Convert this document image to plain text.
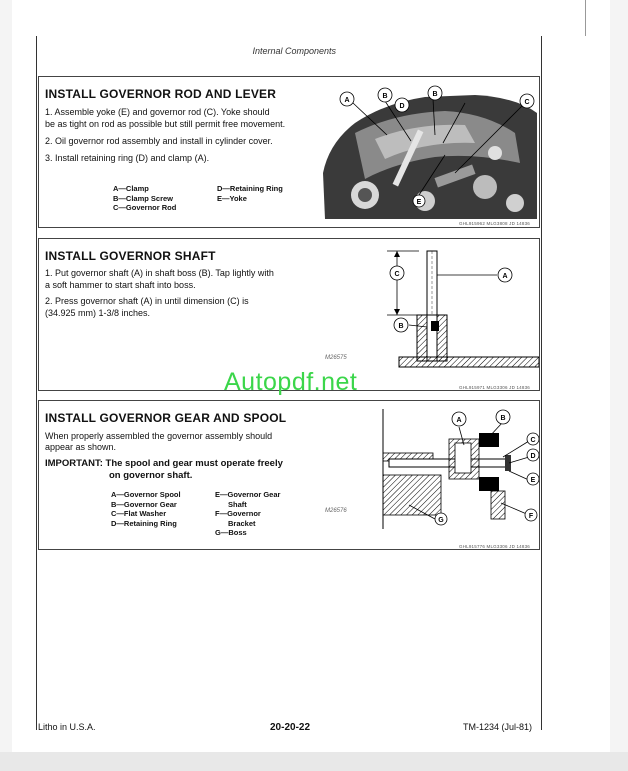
Internal Components
INSTALL GOVERNOR ROD AND LEVER
1. Assemble yoke (E) and governor rod (C). Yoke should
be as tight on rod as possible but still permit free movement.
2. Oil governor rod assembly and install in cylinder cover.
3. Install retaining ring (D) and clamp (A).
A—Clamp
B—Clamp Screw
C—Governor Rod
D—Retaining Ring
E—Yoke
A
B
D
B
C
E
GHL915962 MLG3808 JD 14836
INSTALL GOVERNOR SHAFT
1. Put governor shaft (A) in shaft boss (B). Tap lightly with
a soft hammer to start shaft into boss.
2. Press governor shaft (A) in until dimension (C) is
(34.925 mm) 1-3/8 inches.
C	A
B
M26575
GHL915971 MLG3306 JD 14836
INSTALL GOVERNOR GEAR AND SPOOL
When properly assembled the governor assembly should
appear as shown.
IMPORTANT: The spool and gear must operate freely
on governor shaft.
A—Governor Spool
B—Governor Gear
C—Flat Washer
D—Retaining Ring
E—Governor Gear
Shaft
F—Governor
Bracket
G—Boss
A	B
C
D
E
F
G
M26576
GHL915776 MLG3306 JD 14836
Autopdf.net
Litho in U.S.A.	20-20-22	TM-1234 (Jul-81)
